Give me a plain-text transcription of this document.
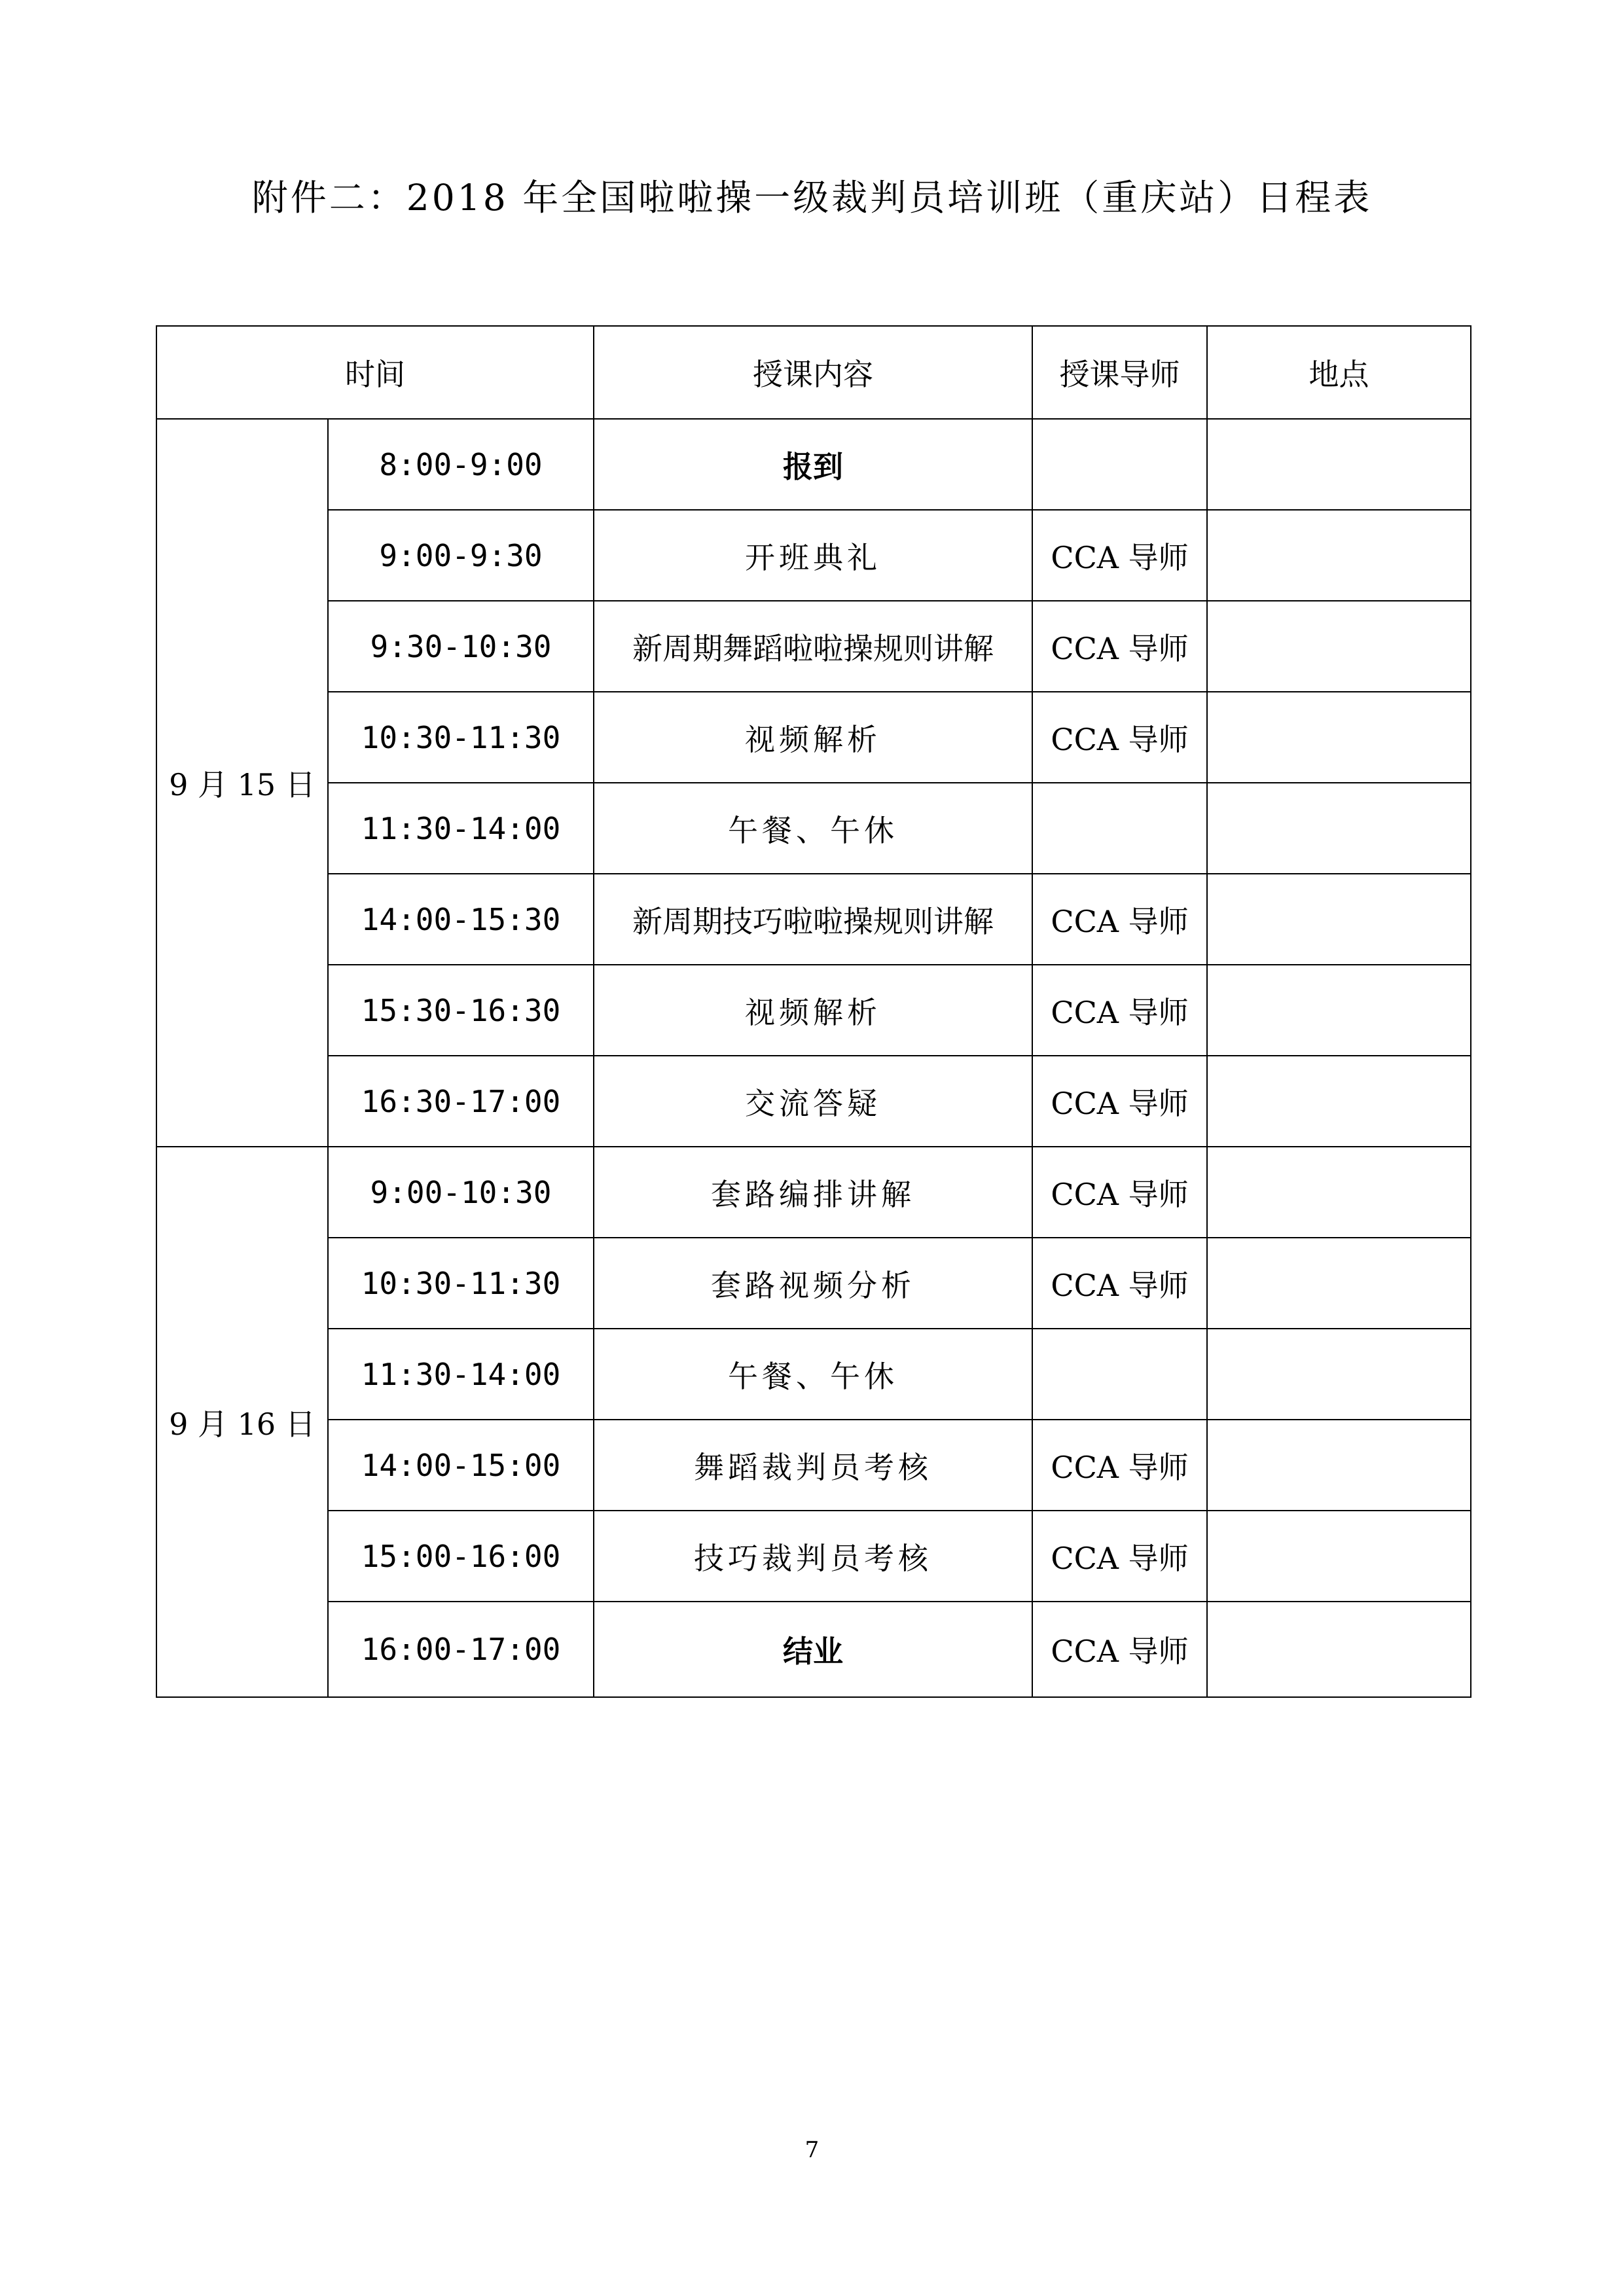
附件二：2018 年全国啦啦操一级裁判员培训班（重庆站）日程表
时间		授课内容	授课导师	地点
9 月 15 日	8:00-9:00	报到		
	9:00-9:30	开班典礼	CCA 导师	
	9:30-10:30	新周期舞蹈啦啦操规则讲解	CCA 导师	
	10:30-11:30	视频解析	CCA 导师	
	11:30-14:00	午餐、午休		
	14:00-15:30	新周期技巧啦啦操规则讲解	CCA 导师	
	15:30-16:30	视频解析	CCA 导师	
	16:30-17:00	交流答疑	CCA 导师	
9 月 16 日	9:00-10:30	套路编排讲解	CCA 导师	
	10:30-11:30	套路视频分析	CCA 导师	
	11:30-14:00	午餐、午休		
	14:00-15:00	舞蹈裁判员考核	CCA 导师	
	15:00-16:00	技巧裁判员考核	CCA 导师	
	16:00-17:00	结业	CCA 导师	
7
